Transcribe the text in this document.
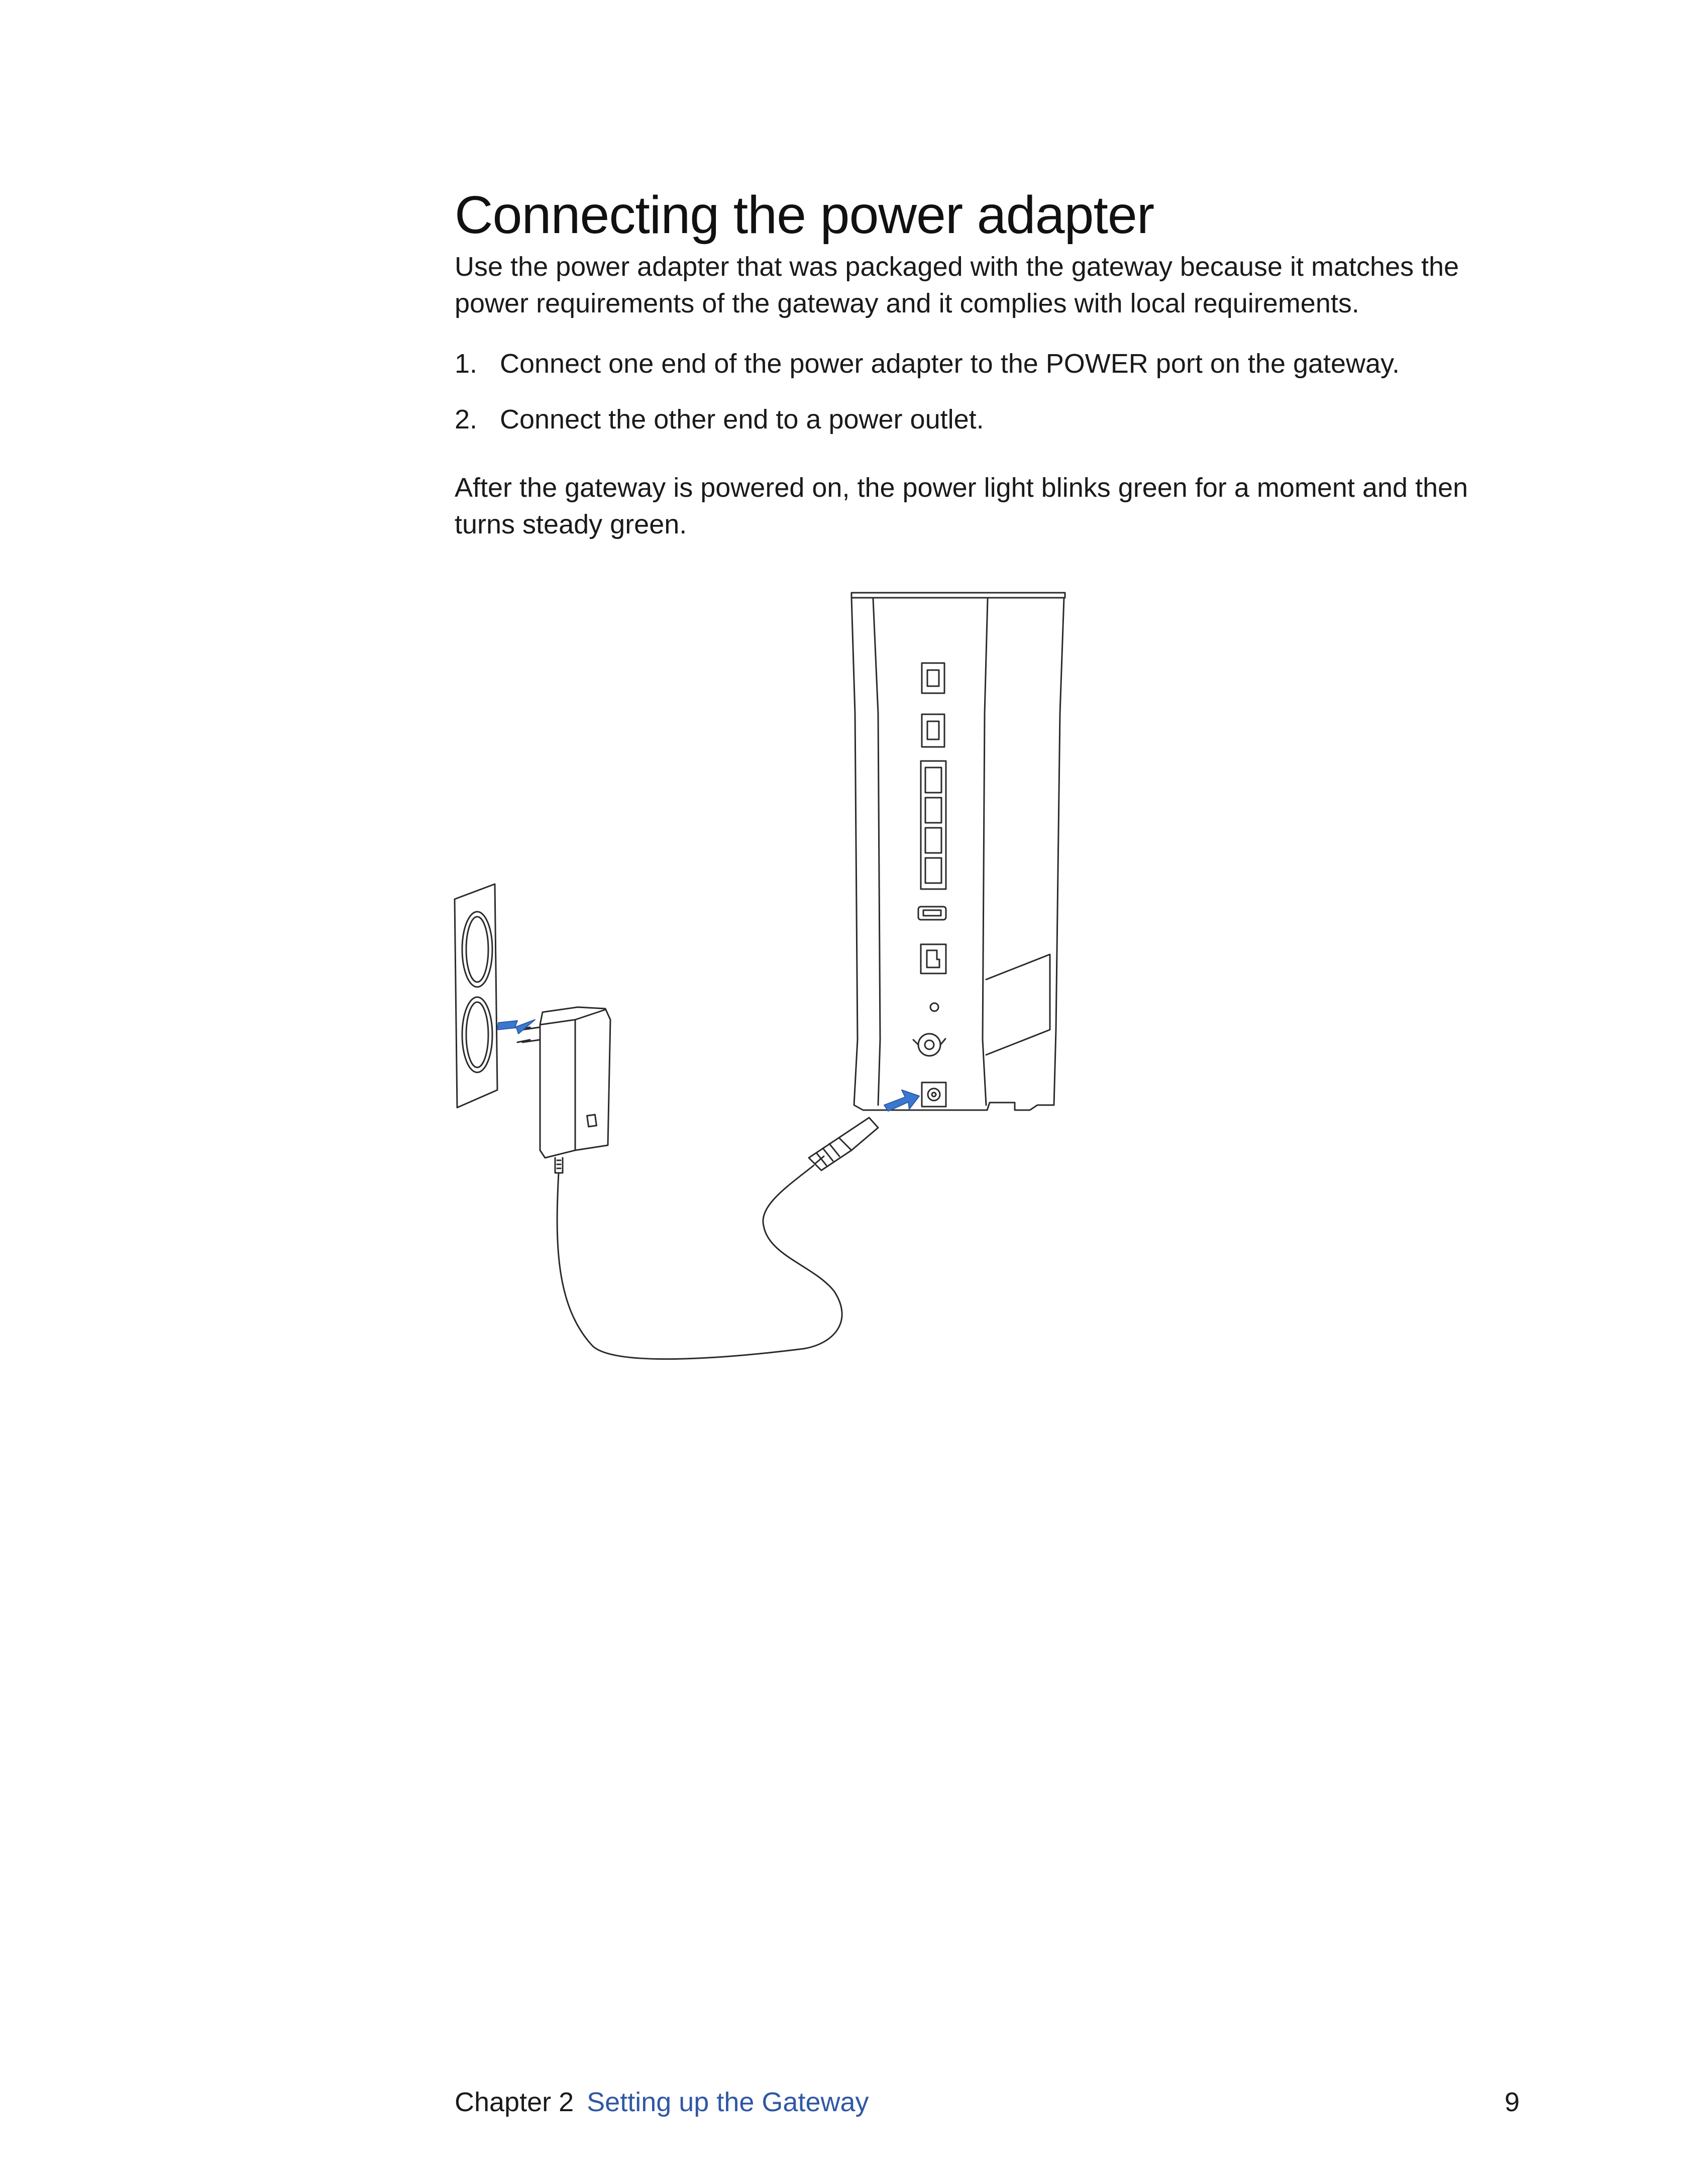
Connecting the power adapter

Use the power adapter that was packaged with the gateway because it matches the power requirements of the gateway and it complies with local requirements.

1. Connect one end of the power adapter to the POWER port on the gateway.
2. Connect the other end to a power outlet.

After the gateway is powered on, the power light blinks green for a moment and then turns steady green.

Chapter 2 Setting up the Gateway	9
